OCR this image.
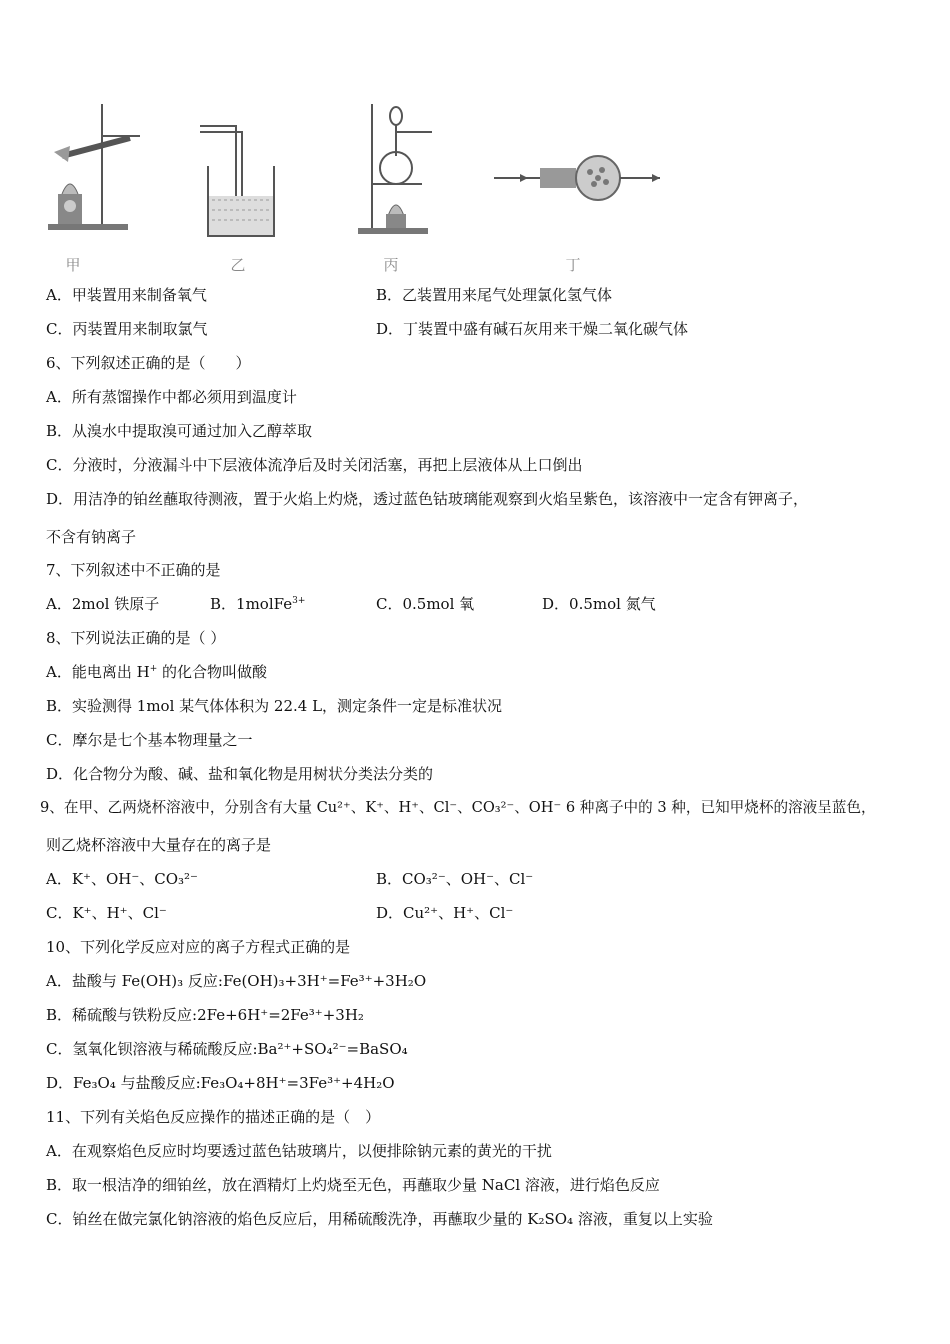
甲	乙	丙	丁
A．甲装置用来制备氧气	B．乙装置用来尾气处理氯化氢气体
C．丙装置用来制取氯气	D．丁装置中盛有碱石灰用来干燥二氧化碳气体
6、下列叙述正确的是（　　）
A．所有蒸馏操作中都必须用到温度计
B．从溴水中提取溴可通过加入乙醇萃取
C．分液时，分液漏斗中下层液体流净后及时关闭活塞，再把上层液体从上口倒出
D．用洁净的铂丝蘸取待测液，置于火焰上灼烧，透过蓝色钴玻璃能观察到火焰呈紫色，该溶液中一定含有钾离子，
不含有钠离子
7、下列叙述中不正确的是
A．2mol 铁原子	B．1molFe$^{3+}$	C．0.5mol 氧	D．0.5mol 氮气
8、下列说法正确的是（ ）
A．能电离出 H+ 的化合物叫做酸
B．实验测得 1mol 某气体体积为 22.4 L，测定条件一定是标准状况
C．摩尔是七个基本物理量之一
D．化合物分为酸、碱、盐和氧化物是用树状分类法分类的
9、在甲、乙两烧杯溶液中，分别含有大量 Cu²⁺、K⁺、H⁺、Cl⁻、CO₃²⁻、OH⁻ 6 种离子中的 3 种，已知甲烧杯的溶液呈蓝色，
则乙烧杯溶液中大量存在的离子是
A．K⁺、OH⁻、CO₃²⁻	B．CO₃²⁻、OH⁻、Cl⁻
C．K⁺、H⁺、Cl⁻	D．Cu²⁺、H⁺、Cl⁻
10、下列化学反应对应的离子方程式正确的是
A．盐酸与 Fe(OH)₃ 反应:Fe(OH)₃+3H⁺=Fe³⁺+3H₂O
B．稀硫酸与铁粉反应:2Fe+6H⁺=2Fe³⁺+3H₂
C．氢氧化钡溶液与稀硫酸反应:Ba²⁺+SO₄²⁻=BaSO₄
D．Fe₃O₄ 与盐酸反应:Fe₃O₄+8H⁺=3Fe³⁺+4H₂O
11、下列有关焰色反应操作的描述正确的是（　）
A．在观察焰色反应时均要透过蓝色钴玻璃片，以便排除钠元素的黄光的干扰
B．取一根洁净的细铂丝，放在酒精灯上灼烧至无色，再蘸取少量 NaCl 溶液，进行焰色反应
C．铂丝在做完氯化钠溶液的焰色反应后，用稀硫酸洗净，再蘸取少量的 K₂SO₄ 溶液，重复以上实验
